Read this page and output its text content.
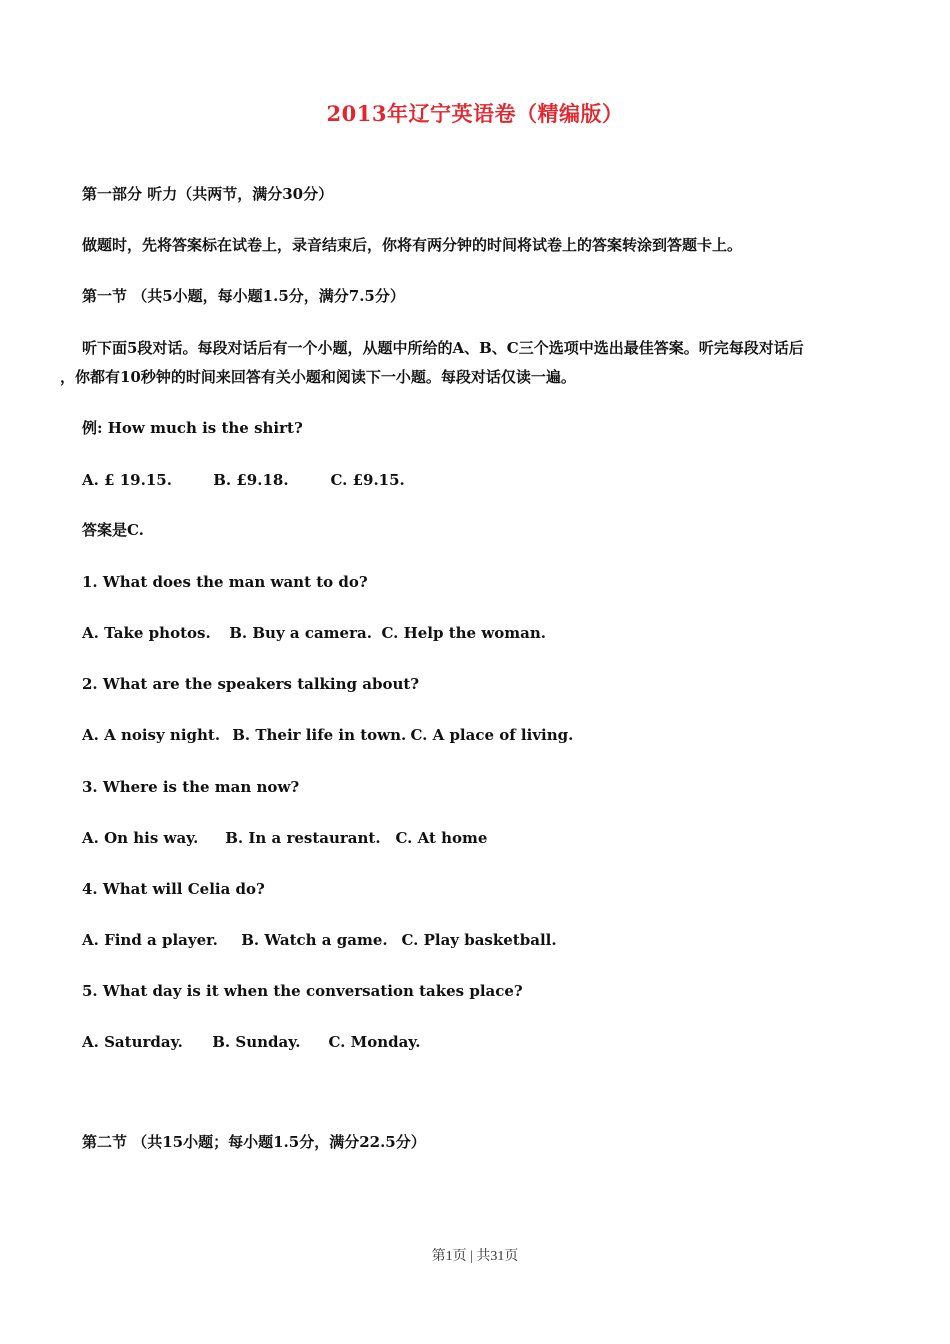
2013年辽宁英语卷（精编版）
第一部分 听力（共两节，满分30分）
做题时，先将答案标在试卷上，录音结束后，你将有两分钟的时间将试卷上的答案转涂到答题卡上。
第一节 （共5小题，每小题1.5分，满分7.5分）
听下面5段对话。每段对话后有一个小题，从题中所给的A、B、C三个选项中选出最佳答案。听完每段对话后
，你都有10秒钟的时间来回答有关小题和阅读下一小题。每段对话仅读一遍。
例: How much is the shirt?
A. £ 19.15.	B. £9.18.	C. £9.15.
答案是C.
1. What does the man want to do?
A. Take photos. B. Buy a camera. C. Help the woman.
2. What are the speakers talking about?
A. A noisy night. B. Their life in town. C. A place of living.
3. Where is the man now?
A. On his way. B. In a restaurant. C. At home
4. What will Celia do?
A. Find a player. B. Watch a game. C. Play basketball.
5. What day is it when the conversation takes place?
A. Saturday. B. Sunday. C. Monday.
第二节 （共15小题；每小题1.5分，满分22.5分）
第1页 | 共31页
